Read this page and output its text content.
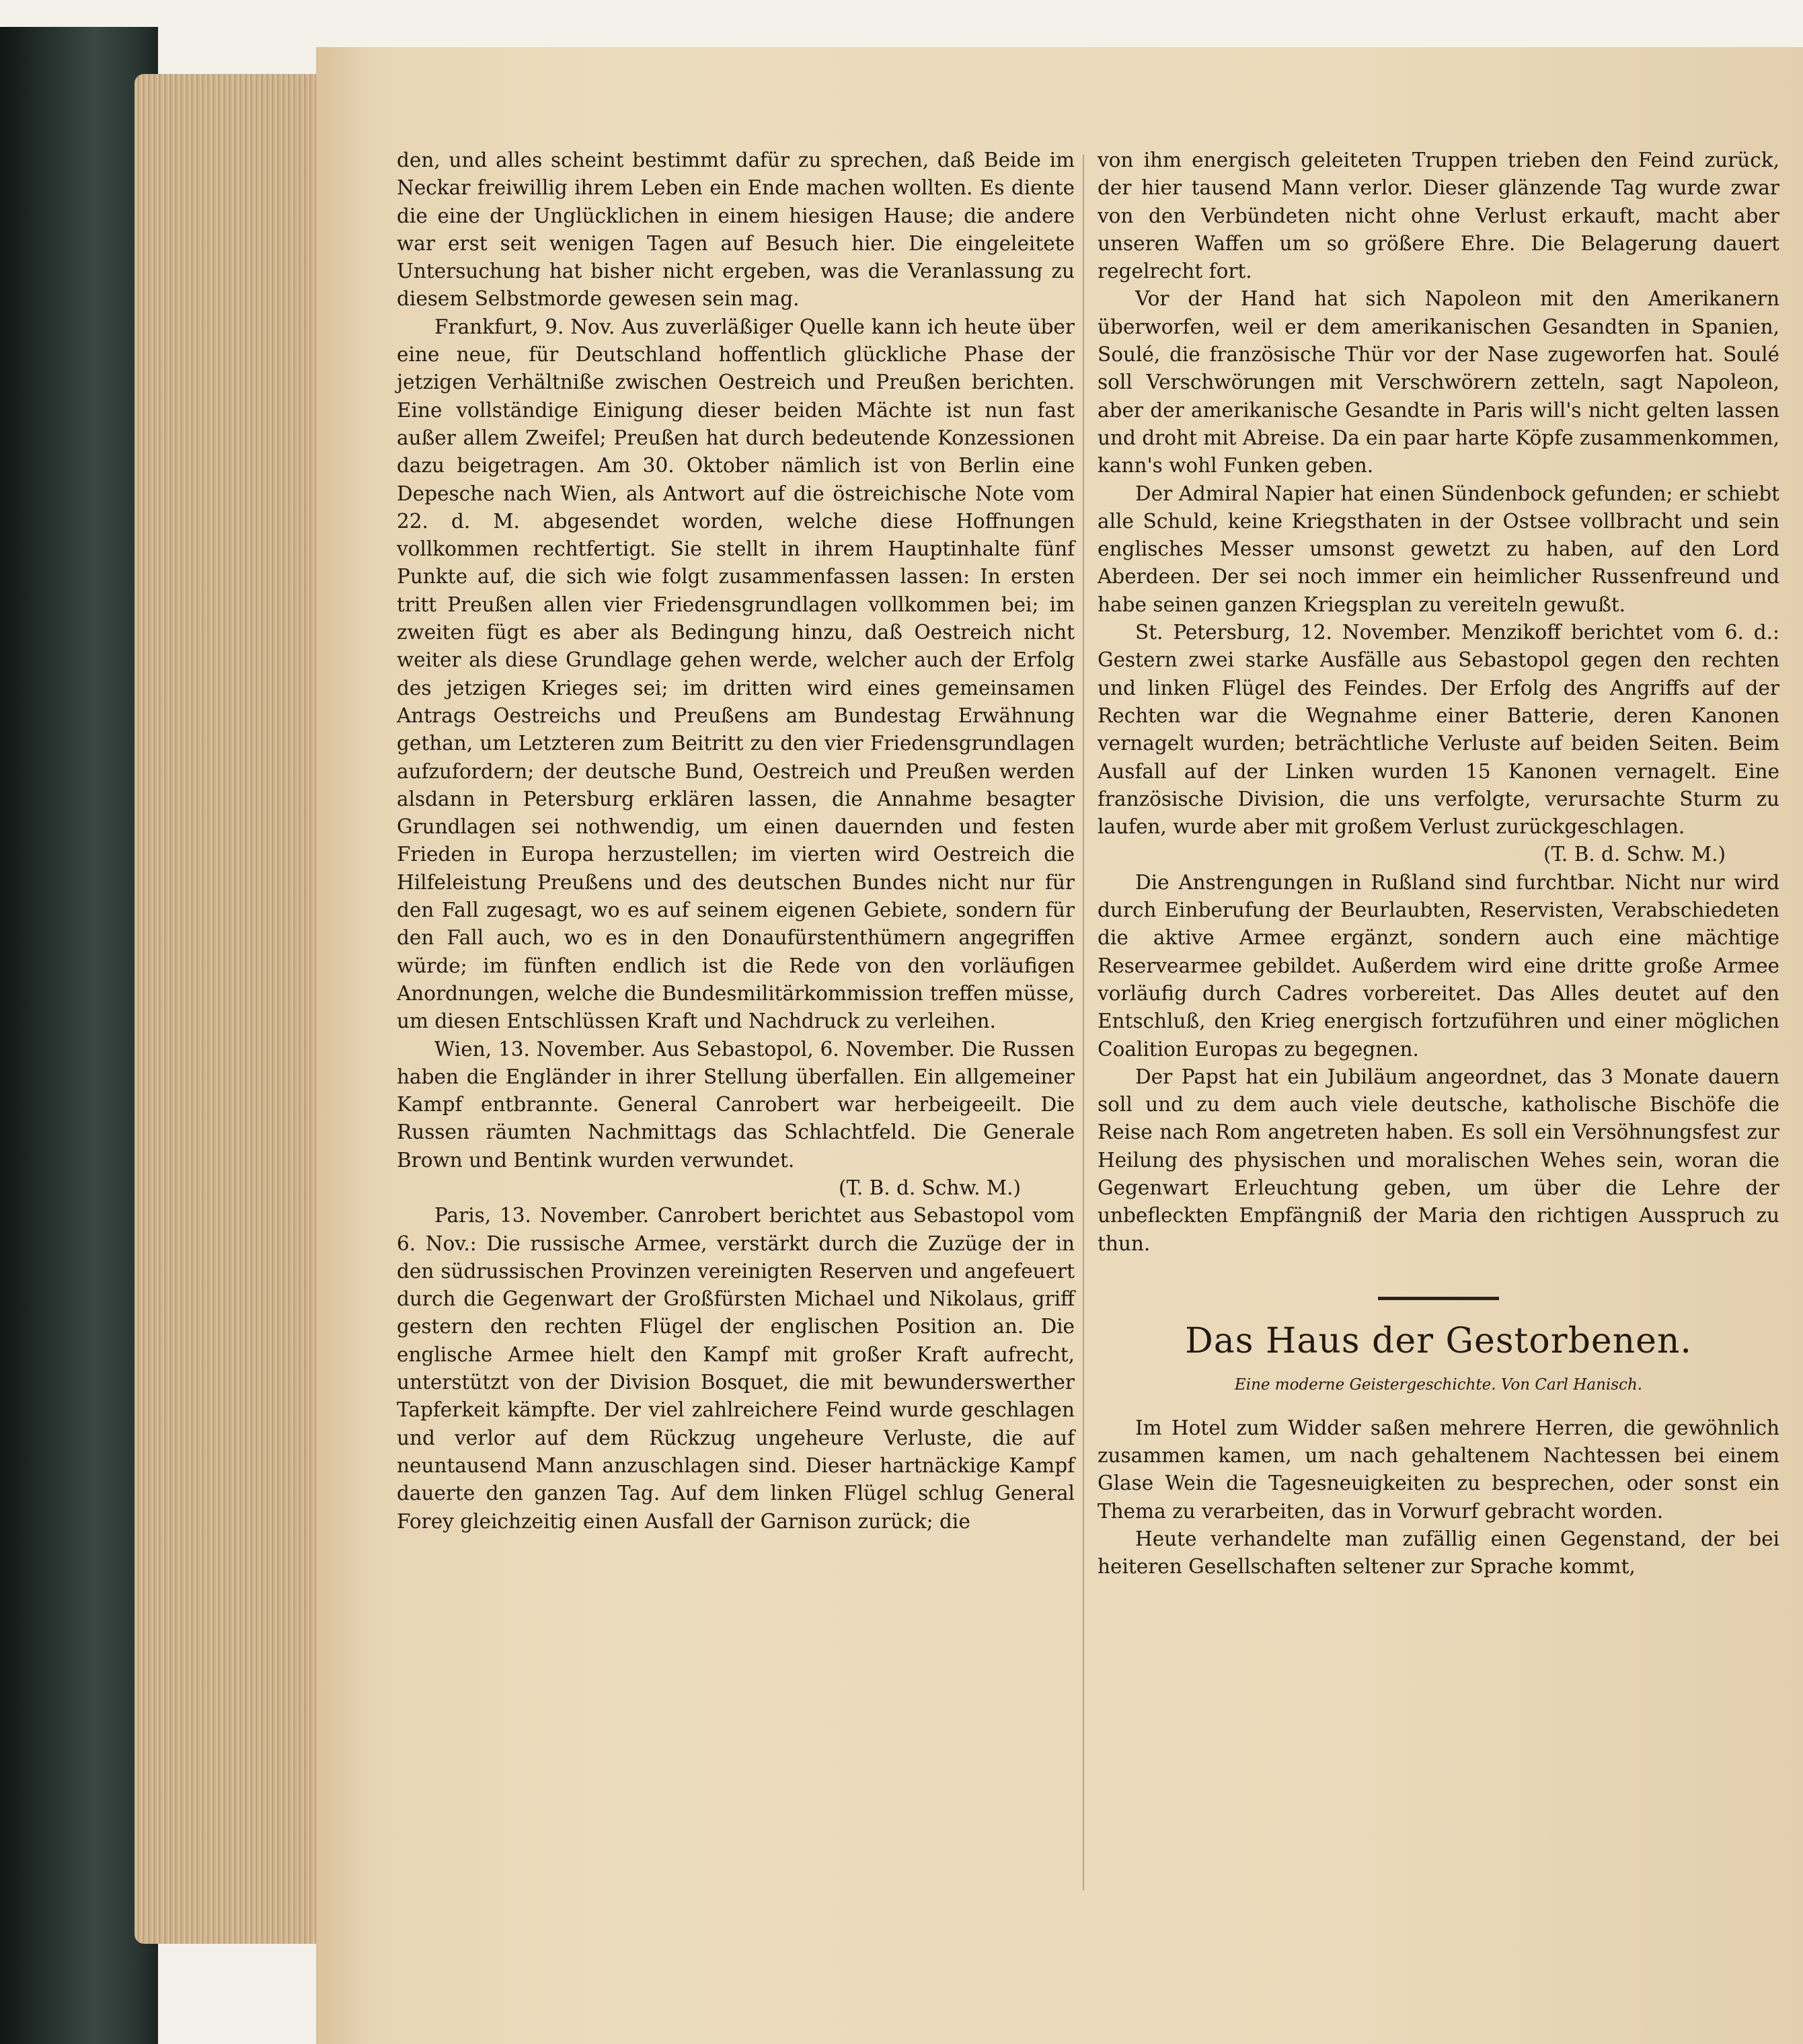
den, und alles scheint bestimmt dafür zu sprechen, daß Beide im Neckar freiwillig ihrem Leben ein Ende machen wollten. Es diente die eine der Unglücklichen in einem hiesigen Hause; die andere war erst seit wenigen Tagen auf Besuch hier. Die eingeleitete Untersuchung hat bisher nicht ergeben, was die Veranlassung zu diesem Selbstmorde gewesen sein mag.

Frankfurt, 9. Nov. Aus zuverläßiger Quelle kann ich heute über eine neue, für Deutschland hoffentlich glückliche Phase der jetzigen Verhältniße zwischen Oestreich und Preußen berichten. Eine vollständige Einigung dieser beiden Mächte ist nun fast außer allem Zweifel; Preußen hat durch bedeutende Konzessionen dazu beigetragen. Am 30. Oktober nämlich ist von Berlin eine Depesche nach Wien, als Antwort auf die östreichische Note vom 22. d. M. abgesendet worden, welche diese Hoffnungen vollkommen rechtfertigt. Sie stellt in ihrem Hauptinhalte fünf Punkte auf, die sich wie folgt zusammenfassen lassen: In ersten tritt Preußen allen vier Friedensgrundlagen vollkommen bei; im zweiten fügt es aber als Bedingung hinzu, daß Oestreich nicht weiter als diese Grundlage gehen werde, welcher auch der Erfolg des jetzigen Krieges sei; im dritten wird eines gemeinsamen Antrags Oestreichs und Preußens am Bundestag Erwähnung gethan, um Letzteren zum Beitritt zu den vier Friedensgrundlagen aufzufordern; der deutsche Bund, Oestreich und Preußen werden alsdann in Petersburg erklären lassen, die Annahme besagter Grundlagen sei nothwendig, um einen dauernden und festen Frieden in Europa herzustellen; im vierten wird Oestreich die Hilfeleistung Preußens und des deutschen Bundes nicht nur für den Fall zugesagt, wo es auf seinem eigenen Gebiete, sondern für den Fall auch, wo es in den Donaufürstenthümern angegriffen würde; im fünften endlich ist die Rede von den vorläufigen Anordnungen, welche die Bundesmilitärkommission treffen müsse, um diesen Entschlüssen Kraft und Nachdruck zu verleihen.

Wien, 13. November. Aus Sebastopol, 6. November. Die Russen haben die Engländer in ihrer Stellung überfallen. Ein allgemeiner Kampf entbrannte. General Canrobert war herbeigeeilt. Die Russen räumten Nachmittags das Schlachtfeld. Die Generale Brown und Bentink wurden verwundet.

(T. B. d. Schw. M.)

Paris, 13. November. Canrobert berichtet aus Sebastopol vom 6. Nov.: Die russische Armee, verstärkt durch die Zuzüge der in den südrussischen Provinzen vereinigten Reserven und angefeuert durch die Gegenwart der Großfürsten Michael und Nikolaus, griff gestern den rechten Flügel der englischen Position an. Die englische Armee hielt den Kampf mit großer Kraft aufrecht, unterstützt von der Division Bosquet, die mit bewunderswerther Tapferkeit kämpfte. Der viel zahlreichere Feind wurde geschlagen und verlor auf dem Rückzug ungeheure Verluste, die auf neuntausend Mann anzuschlagen sind. Dieser hartnäckige Kampf dauerte den ganzen Tag. Auf dem linken Flügel schlug General Forey gleichzeitig einen Ausfall der Garnison zurück; die

von ihm energisch geleiteten Truppen trieben den Feind zurück, der hier tausend Mann verlor. Dieser glänzende Tag wurde zwar von den Verbündeten nicht ohne Verlust erkauft, macht aber unseren Waffen um so größere Ehre. Die Belagerung dauert regelrecht fort.

Vor der Hand hat sich Napoleon mit den Amerikanern überworfen, weil er dem amerikanischen Gesandten in Spanien, Soulé, die französische Thür vor der Nase zugeworfen hat. Soulé soll Verschwörungen mit Verschwörern zetteln, sagt Napoleon, aber der amerikanische Gesandte in Paris will's nicht gelten lassen und droht mit Abreise. Da ein paar harte Köpfe zusammenkommen, kann's wohl Funken geben.

Der Admiral Napier hat einen Sündenbock gefunden; er schiebt alle Schuld, keine Kriegsthaten in der Ostsee vollbracht und sein englisches Messer umsonst gewetzt zu haben, auf den Lord Aberdeen. Der sei noch immer ein heimlicher Russenfreund und habe seinen ganzen Kriegsplan zu vereiteln gewußt.

St. Petersburg, 12. November. Menzikoff berichtet vom 6. d.: Gestern zwei starke Ausfälle aus Sebastopol gegen den rechten und linken Flügel des Feindes. Der Erfolg des Angriffs auf der Rechten war die Wegnahme einer Batterie, deren Kanonen vernagelt wurden; beträchtliche Verluste auf beiden Seiten. Beim Ausfall auf der Linken wurden 15 Kanonen vernagelt. Eine französische Division, die uns verfolgte, verursachte Sturm zu laufen, wurde aber mit großem Verlust zurückgeschlagen.

(T. B. d. Schw. M.)

Die Anstrengungen in Rußland sind furchtbar. Nicht nur wird durch Einberufung der Beurlaubten, Reservisten, Verabschiedeten die aktive Armee ergänzt, sondern auch eine mächtige Reservearmee gebildet. Außerdem wird eine dritte große Armee vorläufig durch Cadres vorbereitet. Das Alles deutet auf den Entschluß, den Krieg energisch fortzuführen und einer möglichen Coalition Europas zu begegnen.

Der Papst hat ein Jubiläum angeordnet, das 3 Monate dauern soll und zu dem auch viele deutsche, katholische Bischöfe die Reise nach Rom angetreten haben. Es soll ein Versöhnungsfest zur Heilung des physischen und moralischen Wehes sein, woran die Gegenwart Erleuchtung geben, um über die Lehre der unbefleckten Empfängniß der Maria den richtigen Ausspruch zu thun.

Das Haus der Gestorbenen.
Eine moderne Geistergeschichte. Von Carl Hanisch.

Im Hotel zum Widder saßen mehrere Herren, die gewöhnlich zusammen kamen, um nach gehaltenem Nachtessen bei einem Glase Wein die Tagesneuigkeiten zu besprechen, oder sonst ein Thema zu verarbeiten, das in Vorwurf gebracht worden.

Heute verhandelte man zufällig einen Gegenstand, der bei heiteren Gesellschaften seltener zur Sprache kommt,
